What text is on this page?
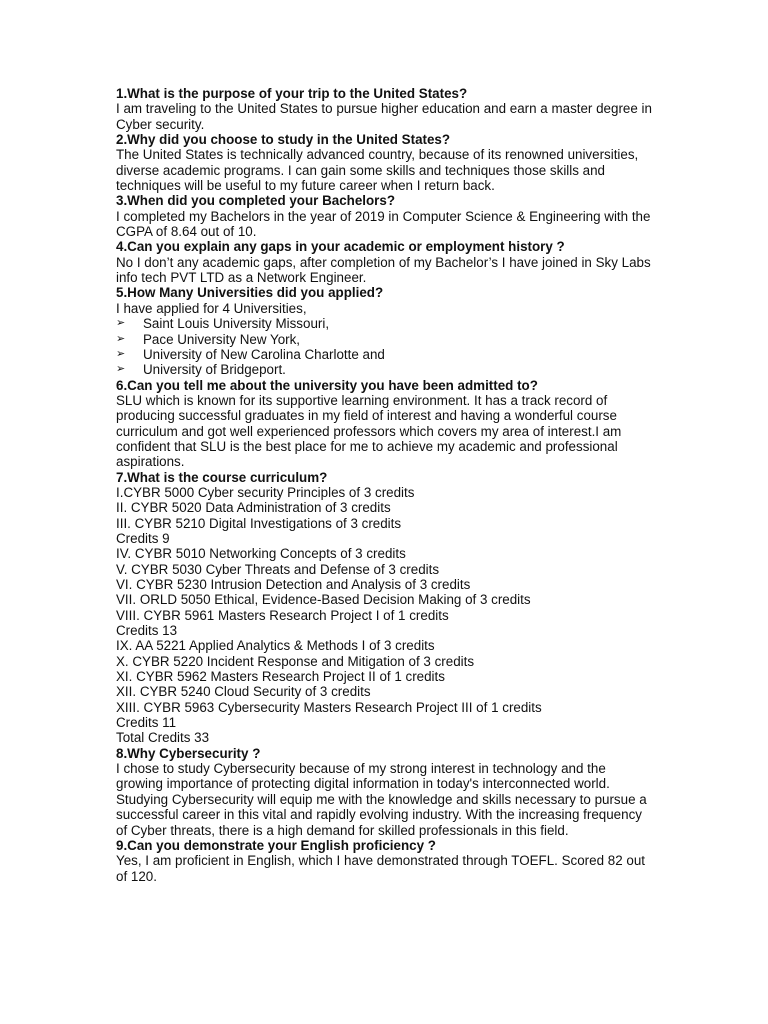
1.What is the purpose of your trip to the United States?

I am traveling to the United States to pursue higher education and earn a master degree in Cyber security.

2.Why did you choose to study in the United States?

The United States is technically advanced country, because of its renowned universities, diverse academic programs. I can gain some skills and techniques those skills and techniques will be useful to my future career when I return back.

3.When did you completed your Bachelors?

I completed my Bachelors in the year of 2019 in Computer Science & Engineering with the CGPA of 8.64 out of 10.

4.Can you explain any gaps in your academic or employment history ?

No I don’t any academic gaps, after completion of my Bachelor’s I have joined in Sky Labs info tech PVT LTD as a Network Engineer.

5.How Many Universities did you applied?

I have applied for 4 Universities,

➢ Saint Louis University Missouri,
➢ Pace University New York,
➢ University of New Carolina Charlotte and
➢ University of Bridgeport.

6.Can you tell me about the university you have been admitted to?

SLU which is known for its supportive learning environment. It has a track record of producing successful graduates in my field of interest and having a wonderful course curriculum and got well experienced professors which covers my area of interest.I am confident that SLU is the best place for me to achieve my academic and professional aspirations.

7.What is the course curriculum?

I.CYBR 5000 Cyber security Principles of 3 credits

II. CYBR 5020 Data Administration of 3 credits

III. CYBR 5210 Digital Investigations of 3 credits

Credits 9

IV. CYBR 5010 Networking Concepts of 3 credits

V. CYBR 5030 Cyber Threats and Defense of 3 credits

VI. CYBR 5230 Intrusion Detection and Analysis of 3 credits

VII. ORLD 5050 Ethical, Evidence-Based Decision Making of 3 credits

VIII. CYBR 5961 Masters Research Project I of 1 credits

Credits 13

IX. AA 5221 Applied Analytics & Methods I of 3 credits

X. CYBR 5220 Incident Response and Mitigation of 3 credits

XI. CYBR 5962 Masters Research Project II of 1 credits

XII. CYBR 5240 Cloud Security of 3 credits

XIII. CYBR 5963 Cybersecurity Masters Research Project III of 1 credits

Credits 11

Total Credits 33

8.Why Cybersecurity ?

I chose to study Cybersecurity because of my strong interest in technology and the growing importance of protecting digital information in today's interconnected world. Studying Cybersecurity will equip me with the knowledge and skills necessary to pursue a successful career in this vital and rapidly evolving industry. With the increasing frequency of Cyber threats, there is a high demand for skilled professionals in this field.

9.Can you demonstrate your English proficiency ?

Yes, I am proficient in English, which I have demonstrated through TOEFL. Scored 82 out of 120.
